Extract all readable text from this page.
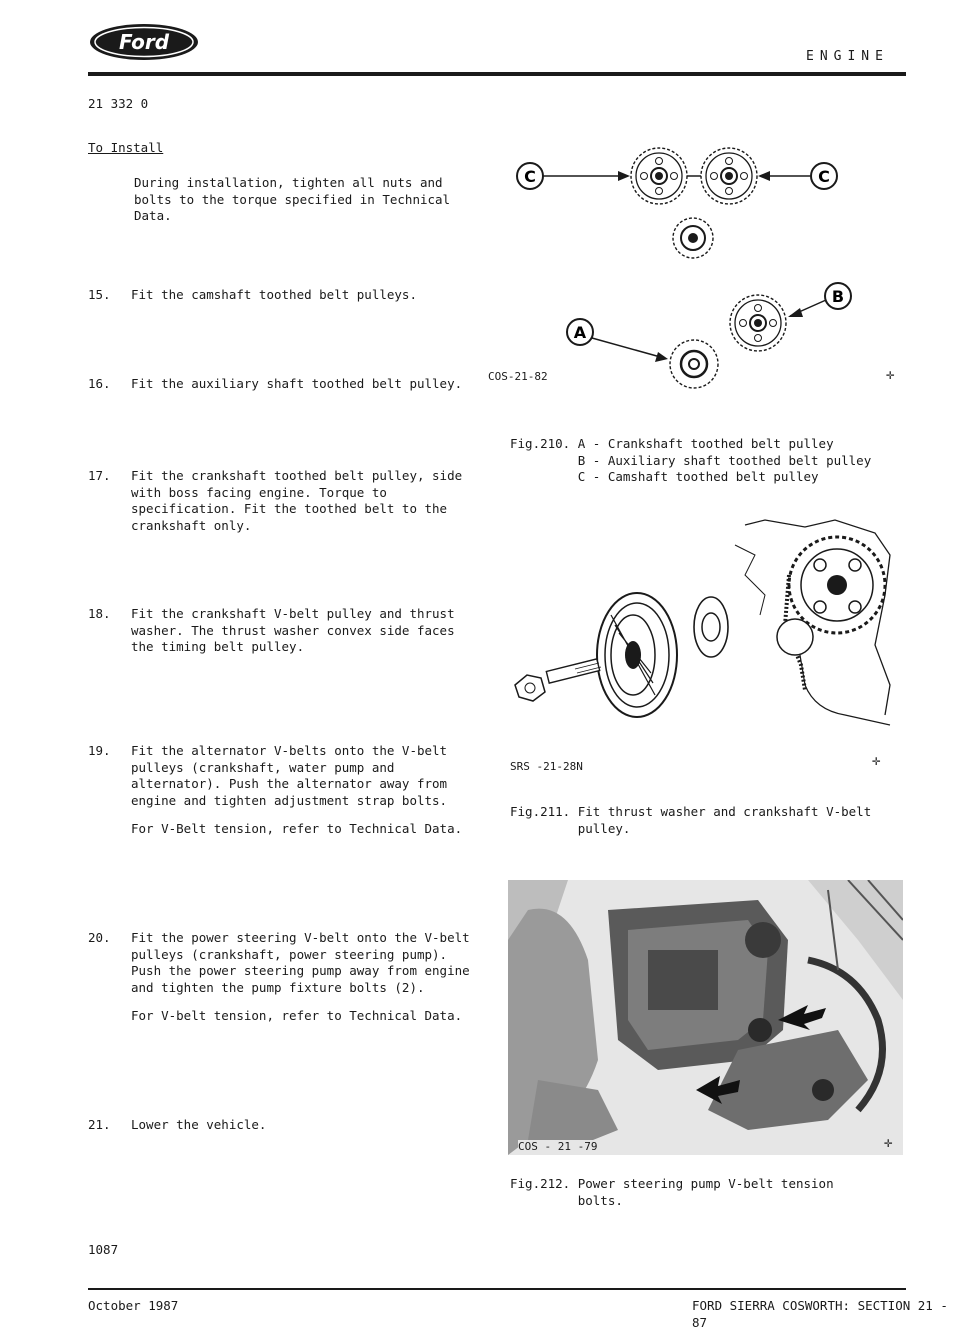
Ford
ENGINE
21 332 0
To Install
During installation, tighten all nuts and
bolts to the torque specified in Technical
Data.
15. Fit the camshaft toothed belt pulleys.
16. Fit the auxiliary shaft toothed belt pulley.
17. Fit the crankshaft toothed belt pulley, side
with boss facing engine. Torque to
specification. Fit the toothed belt to the
crankshaft only.
18. Fit the crankshaft V-belt pulley and thrust
washer. The thrust washer convex side faces
the timing belt pulley.
19. Fit the alternator V-belts onto the V-belt
pulleys (crankshaft, water pump and
alternator). Push the alternator away from
engine and tighten adjustment strap bolts.
For V-Belt tension, refer to Technical Data.
20. Fit the power steering V-belt onto the V-belt
pulleys (crankshaft, power steering pump).
Push the power steering pump away from engine
and tighten the pump fixture bolts (2).
For V-belt tension, refer to Technical Data.
21. Lower the vehicle.
1087
C	C
B
A
COS-21-82	✛
Fig.210. A - Crankshaft toothed belt pulley
B - Auxiliary shaft toothed belt pulley
C - Camshaft toothed belt pulley
SRS -21-28N	✛
Fig.211. Fit thrust washer and crankshaft V-belt
pulley.
COS - 21 -79	✛
Fig.212. Power steering pump V-belt tension
bolts.
October 1987	FORD SIERRA COSWORTH: SECTION 21 - 87
